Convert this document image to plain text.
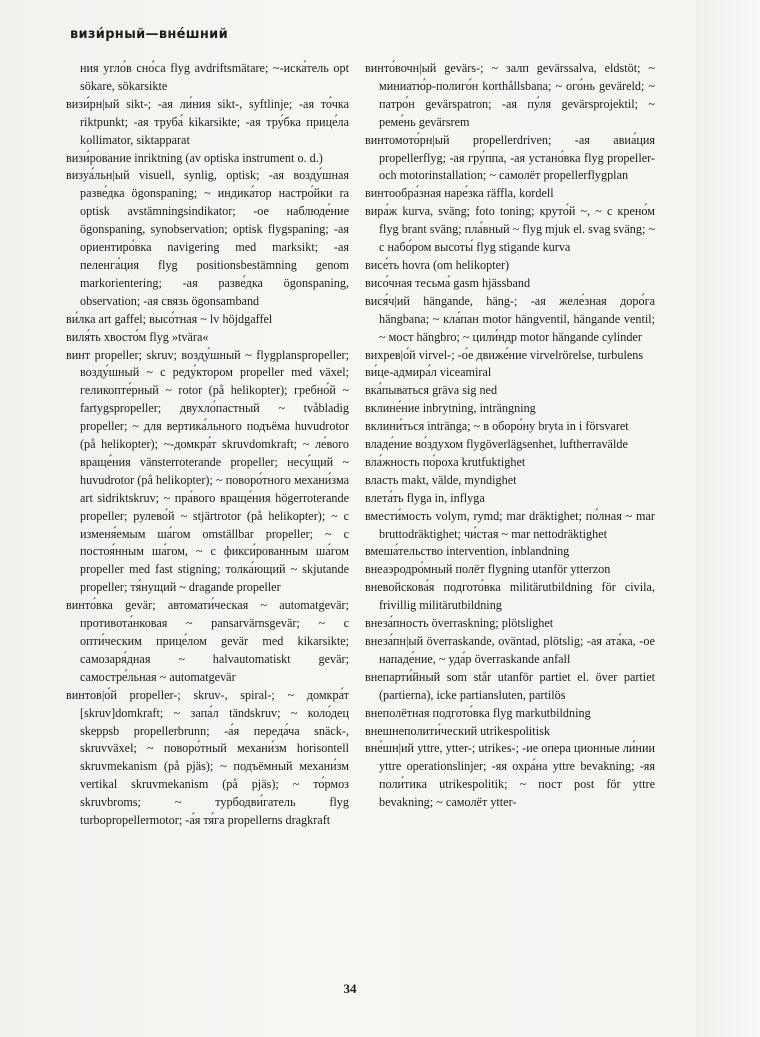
визи́рный—вне́шний

ния угло́в сно́са flyg avdriftsmätare; ~-иска́тель opt sökare, sökarsikte

визи́рн|ый sikt-; -ая ли́ния sikt-, syftlinje; -ая то́чка riktpunkt; -ая труба́ kikarsikte; -ая тру́бка прице́ла kollimator, siktapparat

визи́рование inriktning (av optiska instrument o. d.)

визуа́льн|ый visuell, synlig, optisk; -ая возду́шная разве́дка ögonspaning; ~ индика́тор настро́йки ra optisk avstämningsindikator; -ое наблюде́ние ögonspaning, synobservation; optisk flygspaning; -ая ориентиро́вка navigering med marksikt; -ая пеленга́ция flyg positionsbestämning genom markorientering; -ая разве́дка ögonspaning, observation; -ая связь ögonsamband

ви́лка art gaffel; высо́тная ~ lv höjdgaffel

виля́ть хвосто́м flyg »tvära«

винт propeller; skruv; возду́шный ~ flygplanspropeller; возду́шный ~ с реду́ктором propeller med växel; геликопте́рный ~ rotor (på helikopter); гребно́й ~ fartygspropeller; двухло́пастный ~ tvåbladig propeller; ~ для вертика́льного подъёма huvudrotor (på helikopter); ~-домкра́т skruvdomkraft; ~ ле́вого враще́ния vänsterroterande propeller; несу́щий ~ huvudrotor (på helikopter); ~ поворо́тного механи́зма art sidriktskruv; ~ пра́вого враще́ния högerroterande propeller; рулево́й ~ stjärtrotor (på helikopter); ~ с изменя́емым ша́гом omställbar propeller; ~ с постоя́нным ша́гом, ~ с фикси́рованным ша́гом propeller med fast stigning; толка́ющий ~ skjutande propeller; тя́нущий ~ dragande propeller

винто́вка gevär; автомати́ческая ~ automatgevär; противота́нковая ~ pansarvärnsgevär; ~ с опти́ческим прице́лом gevär med kikarsikte; самозаря́дная ~ halvautomatiskt gevär; самостре́льная ~ automatgevär

винтов|о́й propeller-; skruv-, spiral-; ~ домкра́т [skruv]domkraft; ~ запа́л tändskruv; ~ коло́дец skeppsb propellerbrunn; -а́я переда́ча snäck-, skruvväxel; ~ поворо́тный механи́зм horisontell skruvmekanism (på pjäs); ~ подъёмный механи́зм vertikal skruvmekanism (på pjäs); ~ то́рмоз skruvbroms; ~ турбодви́гатель flyg turbopropellermotor; -а́я тя́га propellerns dragkraft

винто́вочн|ый gevärs-; ~ залп gevärssalva, eldstöt; ~ миниатю́р-полиго́н korthållsbana; ~ ого́нь geväreld; ~ патро́н gevärspatron; -ая пу́ля gevärsprojektil; ~ реме́нь gevärsrem

винтомото́рн|ый propellerdriven; -ая авиа́ция propellerflyg; -ая гру́ппа, -ая устано́вка flyg propeller- och motorinstallation; ~ самолёт propellerflygplan

винтообра́зная наре́зка räffla, kordell

вира́ж kurva, sväng; foto toning; круто́й ~, ~ с крено́м flyg brant sväng; пла́вный ~ flyg mjuk el. svag sväng; ~ с набо́ром высоты́ flyg stigande kurva

висе́ть hovra (om helikopter)

висо́чная тесьма́ gasm hjässband

вися́ч|ий hängande, häng-; -ая желе́зная доро́га hängbana; ~ кла́пан motor hängventil, hängande ventil; ~ мост hängbro; ~ цили́ндр motor hängande cylinder

вихрев|о́й virvel-; -о́е движе́ние virvelrörelse, turbulens

ви́це-адмира́л viceamiral

вка́пываться gräva sig ned

вклине́ние inbrytning, inträngning

вклини́ться intränga; ~ в оборо́ну bryta in i försvaret

владе́ние во́здухом flygöverlägsenhet, luftherravälde

вла́жность по́роха krutfuktighet

власть makt, välde, myndighet

влета́ть flyga in, inflyga

вмести́мость volym, rymd; mar dräktighet; по́лная ~ mar bruttodräktighet; чи́стая ~ mar nettodräktighet

вмеша́тельство intervention, inblandning

внеаэродро́мный полёт flygning utanför ytterzon

вневойскова́я подгото́вка militärutbildning för civila, frivillig militärutbildning

внеза́пность överraskning; plötslighet

внеза́пн|ый överraskande, oväntad, plötslig; -ая ата́ка, -ое нападе́ние, ~ уда́р överraskande anfall

внепарти́йный som står utanför partiet el. över partiet (partierna), icke partiansluten, partilös

внеполётная подгото́вка flyg markutbildning

внешнеполити́ческий utrikespolitisk

вне́шн|ий yttre, ytter-; utrikes-; -ие опера ционные ли́нии yttre operationslinjer; -яя охра́на yttre bevakning; -яя поли́тика utrikespolitik; ~ пост post för yttre bevakning; ~ самолёт ytter-

34
